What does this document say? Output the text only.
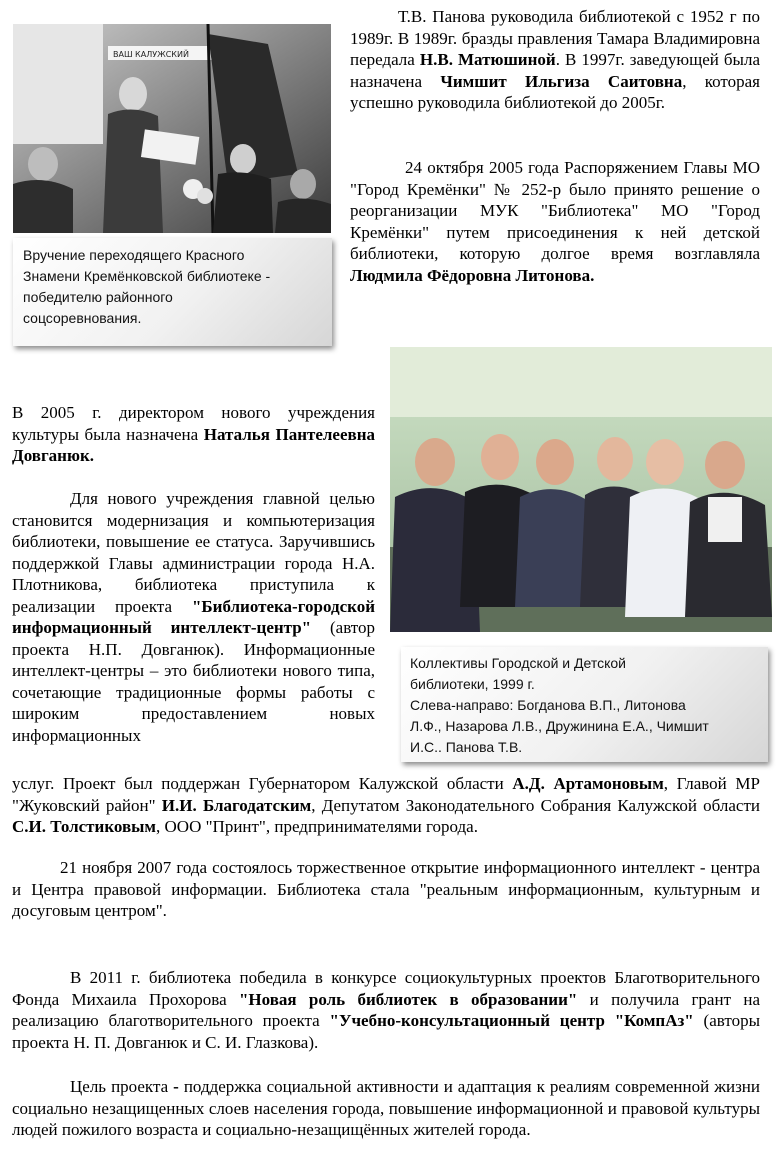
ВАШ КАЛУЖСКИЙ
Вручение переходящего Красного
Знамени Кремёнковской библиотеке -
победителю районного
соцсоревнования.

Т.В. Панова руководила библиотекой с 1952 г по 1989г. В 1989г. бразды правления Тамара Владимировна передала Н.В. Матюшиной. В 1997г. заведующей была назначена Чимшит Ильгиза Саитовна, которая успешно руководила библиотекой до 2005г.

24 октября 2005 года Распоряжением Главы МО "Город Кремёнки" № 252-р было принято решение о реорганизации МУК "Библиотека" МО "Город Кремёнки" путем присоединения к ней детской библиотеки, которую долгое время возглавляла Людмила Фёдоровна Литонова.

Коллективы Городской и Детской
библиотеки, 1999 г.
Слева-направо: Богданова В.П., Литонова
Л.Ф., Назарова Л.В., Дружинина Е.А., Чимшит
И.С.. Панова Т.В.

В 2005 г. директором нового учреждения культуры была назначена Наталья Пантелеевна Довганюк.

Для нового учреждения главной целью становится модернизация и компьютеризация библиотеки, повышение ее статуса. Заручившись поддержкой Главы администрации города Н.А. Плотникова, библиотека приступила к реализации проекта "Библиотека-городской информационный интеллект-центр" (автор проекта Н.П. Довганюк). Информационные интеллект-центры – это библиотеки нового типа, сочетающие традиционные формы работы с широким предоставлением новых информационных

услуг. Проект был поддержан Губернатором Калужской области А.Д. Артамоновым, Главой МР "Жуковский район" И.И. Благодатским, Депутатом Законодательного Собрания Калужской области С.И. Толстиковым, ООО "Принт", предпринимателями города.

21 ноября 2007 года состоялось торжественное открытие информационного интеллект - центра и Центра правовой информации. Библиотека стала "реальным информационным, культурным и досуговым центром".

В 2011 г. библиотека победила в конкурсе социокультурных проектов Благотворительного Фонда Михаила Прохорова "Новая роль библиотек в образовании" и получила грант на реализацию благотворительного проекта "Учебно-консультационный центр "КомпАз" (авторы проекта Н. П. Довганюк и С. И. Глазкова).

Цель проекта - поддержка социальной активности и адаптация к реалиям современной жизни социально незащищенных слоев населения города, повышение информационной и правовой культуры людей пожилого возраста и социально-незащищённых жителей города.
